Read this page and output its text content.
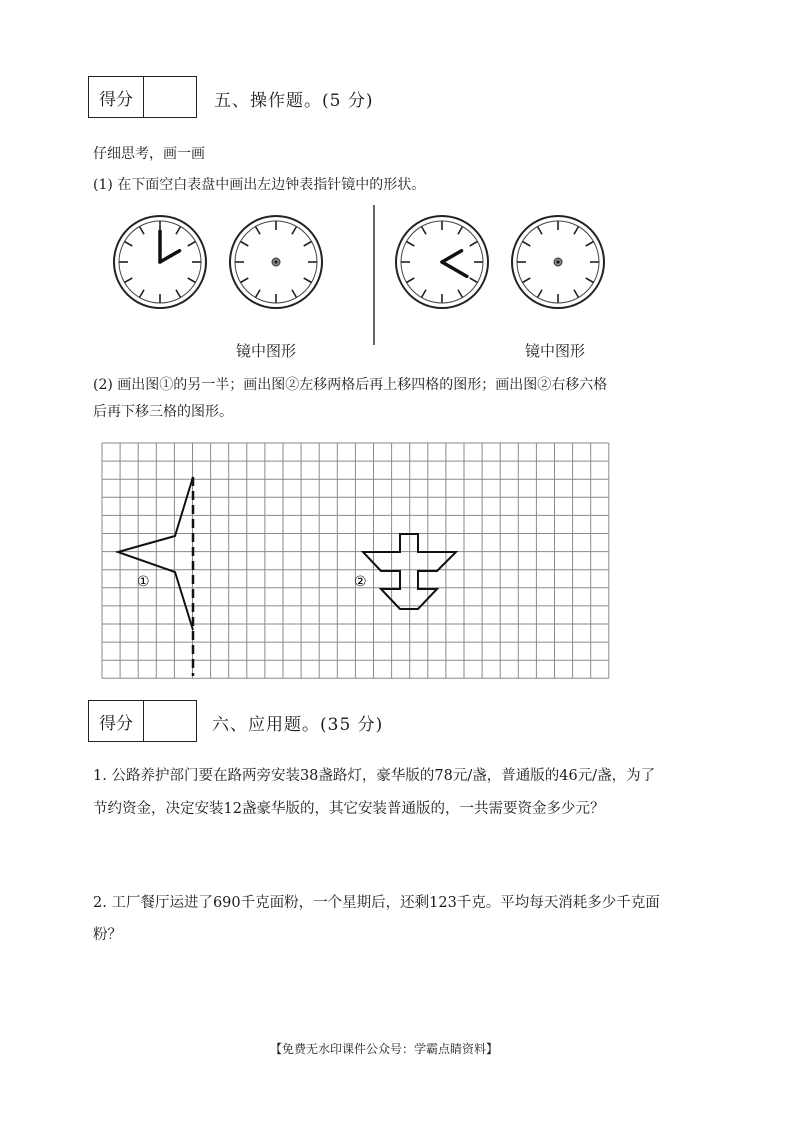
得分	五、操作题。(5 分)
仔细思考，画一画
(1) 在下面空白表盘中画出左边钟表指针镜中的形状。
镜中图形	镜中图形
(2) 画出图①的另一半；画出图②左移两格后再上移四格的图形；画出图②右移六格
后再下移三格的图形。
①	②
得分	六、应用题。(35 分)
1. 公路养护部门要在路两旁安装38盏路灯，豪华版的78元/盏，普通版的46元/盏，为了
节约资金，决定安装12盏豪华版的，其它安装普通版的，一共需要资金多少元？
2. 工厂餐厅运进了690千克面粉，一个星期后，还剩123千克。平均每天消耗多少千克面
粉？
【免费无水印课件公众号：学霸点睛资料】
